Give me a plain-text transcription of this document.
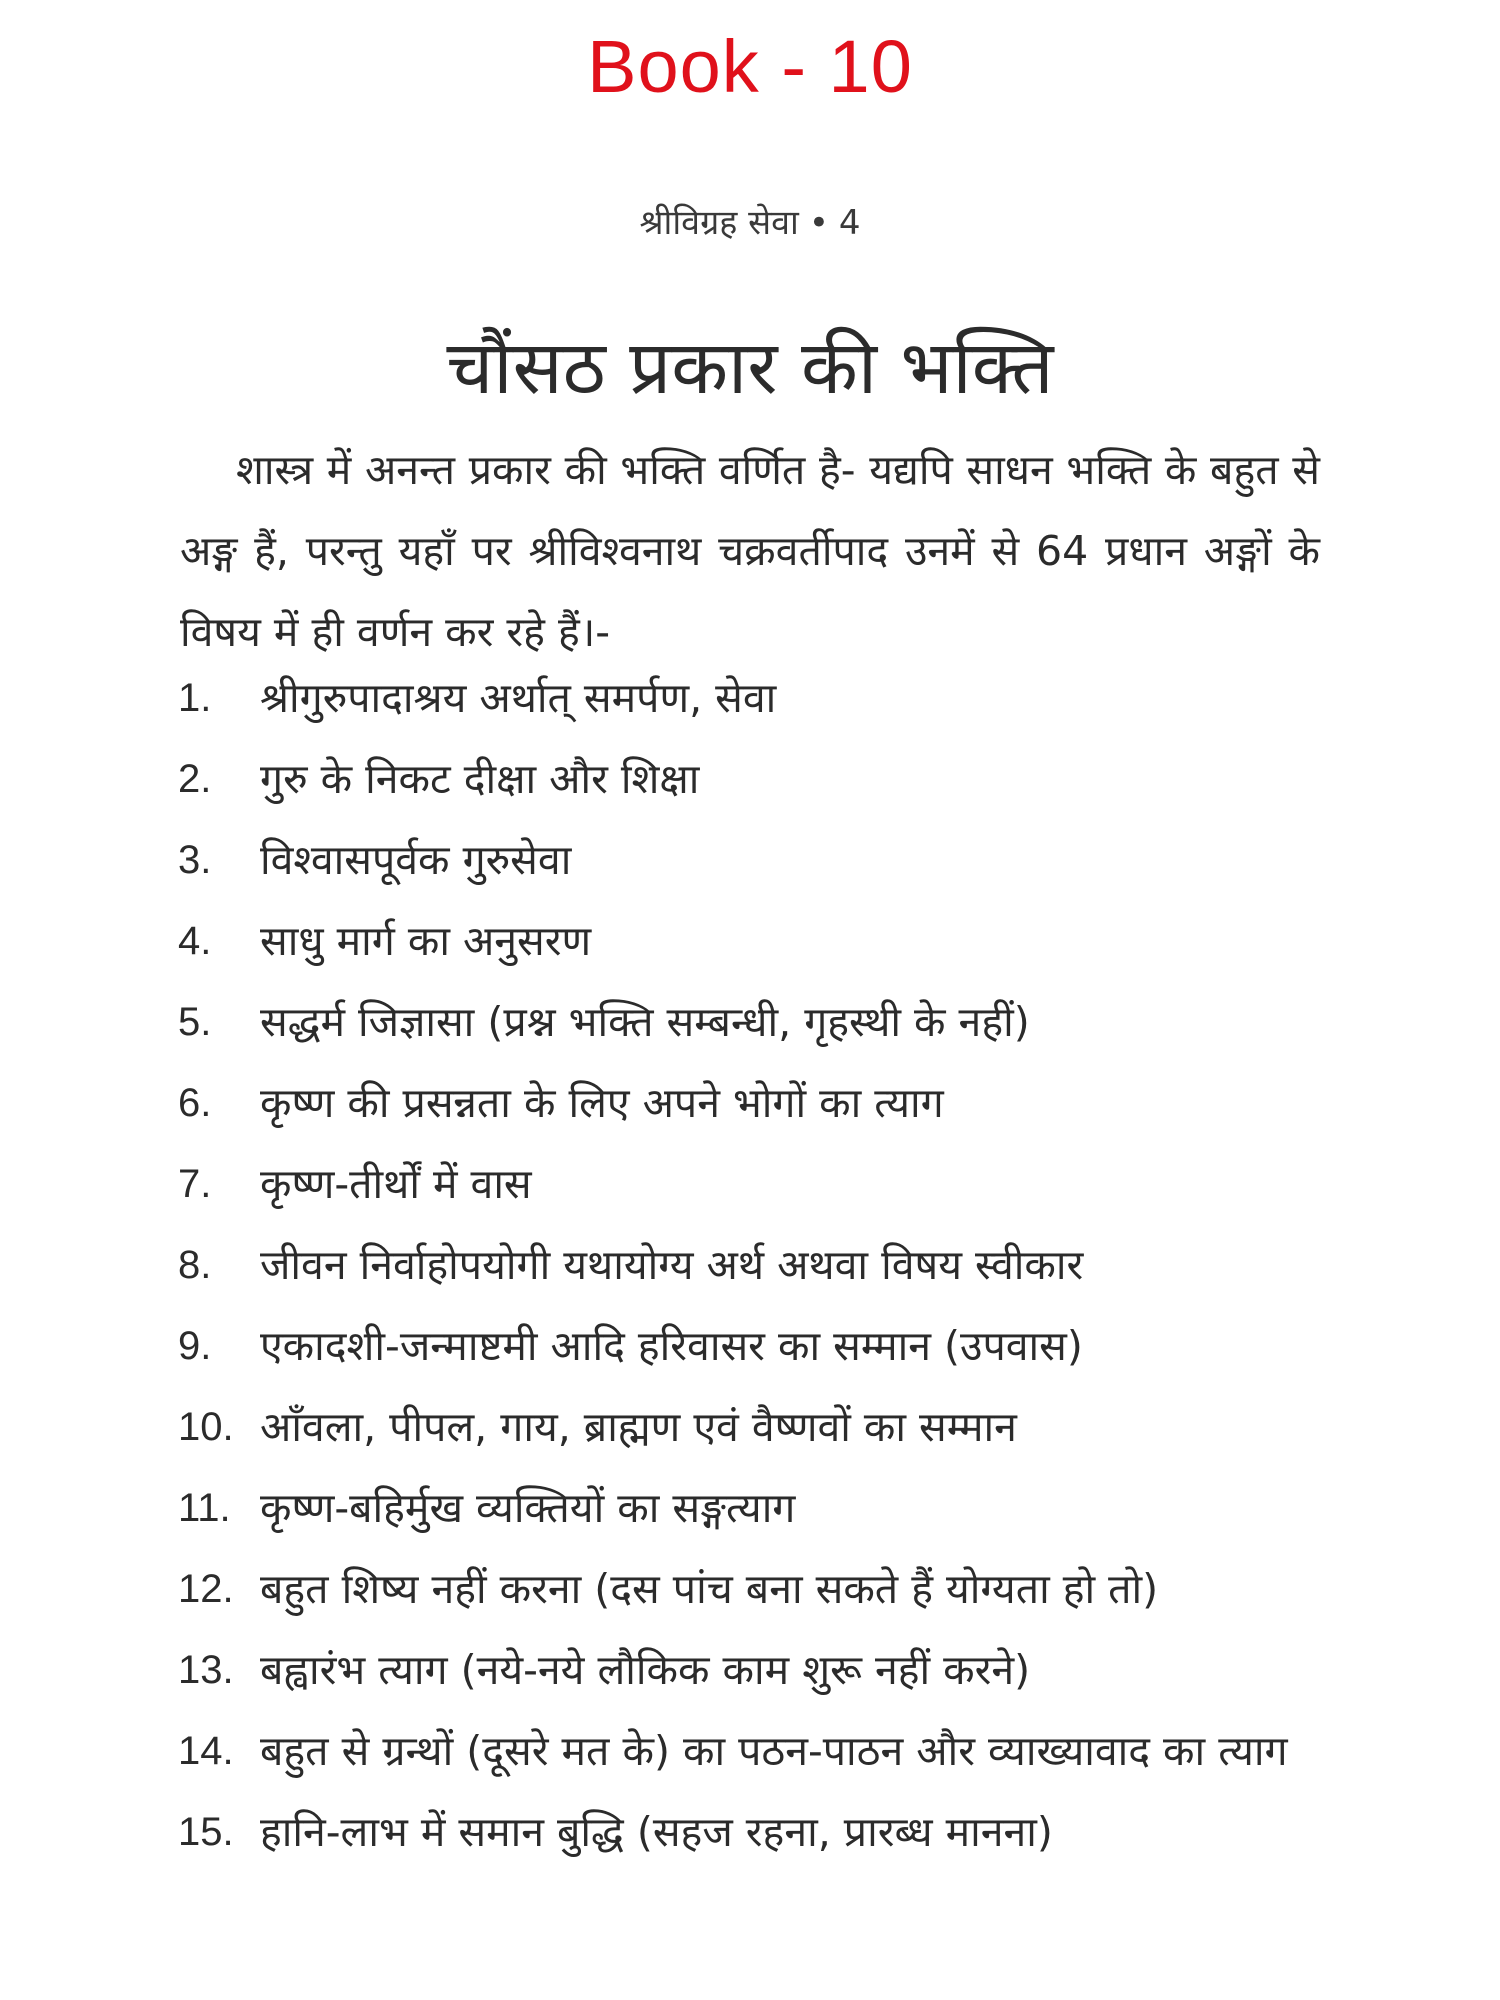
Book - 10
श्रीविग्रह सेवा • 4
चौंसठ प्रकार की भक्ति

शास्त्र में अनन्त प्रकार की भक्ति वर्णित है- यद्यपि साधन भक्ति के बहुत से अङ्ग हैं, परन्तु यहाँ पर श्रीविश्वनाथ चक्रवर्तीपाद उनमें से 64 प्रधान अङ्गों के विषय में ही वर्णन कर रहे हैं।-

1.	श्रीगुरुपादाश्रय अर्थात् समर्पण, सेवा
2.	गुरु के निकट दीक्षा और शिक्षा
3.	विश्वासपूर्वक गुरुसेवा
4.	साधु मार्ग का अनुसरण
5.	सद्धर्म जिज्ञासा (प्रश्न भक्ति सम्बन्धी, गृहस्थी के नहीं)
6.	कृष्ण की प्रसन्नता के लिए अपने भोगों का त्याग
7.	कृष्ण-तीर्थों में वास
8.	जीवन निर्वाहोपयोगी यथायोग्य अर्थ अथवा विषय स्वीकार
9.	एकादशी-जन्माष्टमी आदि हरिवासर का सम्मान (उपवास)
10. आँवला, पीपल, गाय, ब्राह्मण एवं वैष्णवों का सम्मान
11. कृष्ण-बहिर्मुख व्यक्तियों का सङ्गत्याग
12. बहुत शिष्य नहीं करना (दस पांच बना सकते हैं योग्यता हो तो)
13. बह्वारंभ त्याग (नये-नये लौकिक काम शुरू नहीं करने)
14. बहुत से ग्रन्थों (दूसरे मत के) का पठन-पाठन और व्याख्यावाद का त्याग
15. हानि-लाभ में समान बुद्धि (सहज रहना, प्रारब्ध मानना)
